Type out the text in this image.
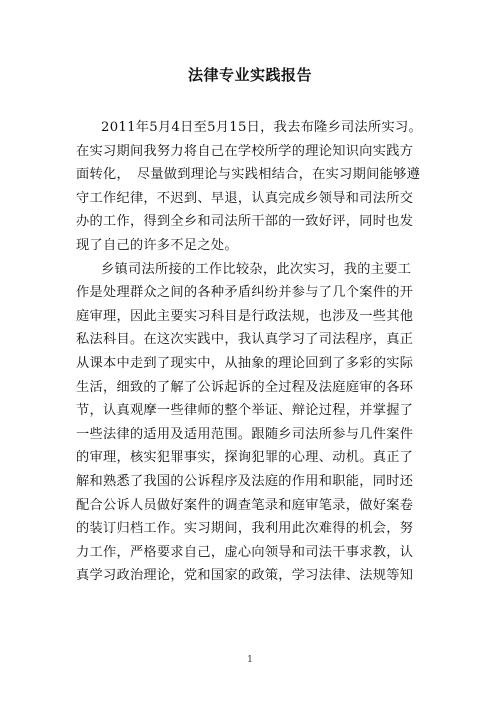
法律专业实践报告
2011年5月4日至5月15日，我去布隆乡司法所实习。
在实习期间我努力将自己在学校所学的理论知识向实践方
面转化，　尽量做到理论与实践相结合，在实习期间能够遵
守工作纪律，不迟到、早退，认真完成乡领导和司法所交
办的工作，得到全乡和司法所干部的一致好评，同时也发
现了自己的许多不足之处。
乡镇司法所接的工作比较杂，此次实习，我的主要工
作是处理群众之间的各种矛盾纠纷并参与了几个案件的开
庭审理，因此主要实习科目是行政法规，也涉及一些其他
私法科目。在这次实践中，我认真学习了司法程序，真正
从课本中走到了现实中，从抽象的理论回到了多彩的实际
生活，细致的了解了公诉起诉的全过程及法庭庭审的各环
节，认真观摩一些律师的整个举证、辩论过程，并掌握了
一些法律的适用及适用范围。跟随乡司法所参与几件案件
的审理，核实犯罪事实，探询犯罪的心理、动机。真正了
解和熟悉了我国的公诉程序及法庭的作用和职能，同时还
配合公诉人员做好案件的调查笔录和庭审笔录，做好案卷
的装订归档工作。实习期间，我利用此次难得的机会，努
力工作，严格要求自己，虚心向领导和司法干事求教，认
真学习政治理论，党和国家的政策，学习法律、法规等知
1
